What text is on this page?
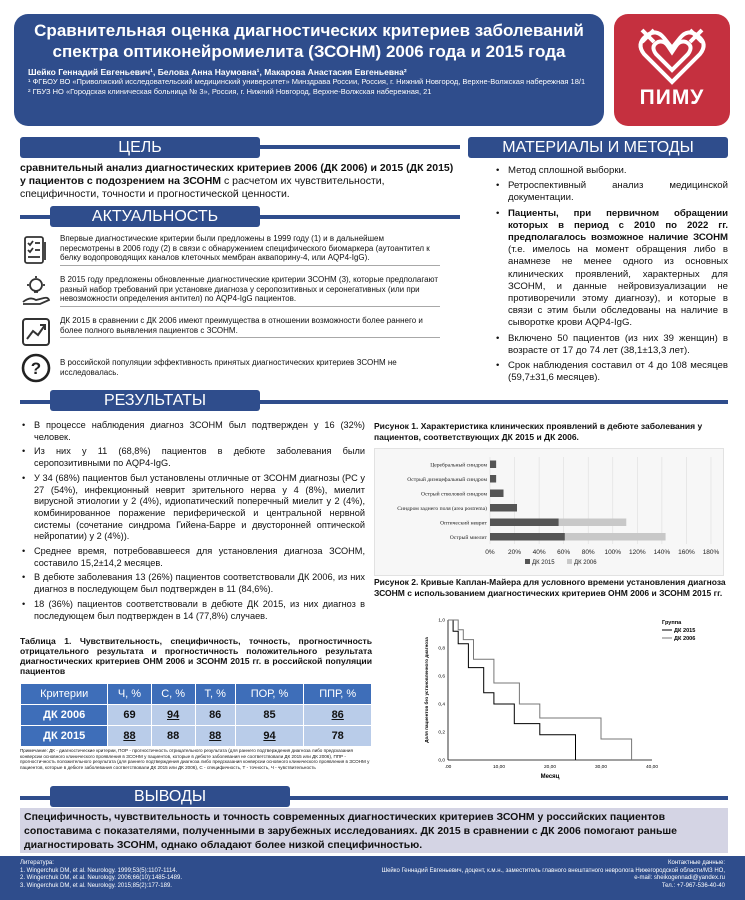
Сравнительная оценка диагностических критериев заболеваний спектра оптиконейромиелита (ЗСОНМ) 2006 года и 2015 года
Шейко Геннадий Евгеньевич¹, Белова Анна Наумовна¹, Макарова Анастасия Евгеньевна²
¹ ФГБОУ ВО «Приволжский исследовательский медицинский университет» Минздрава России, Россия, г. Нижний Новгород, Верхне-Волжская набережная 18/1
² ГБУЗ НО «Городская клиническая больница № 3», Россия, г. Нижний Новгород, Верхне-Волжская набережная, 21	ПИМУ
ЦЕЛЬ
сравнительный анализ диагностических критериев 2006 (ДК 2006) и 2015 (ДК 2015) у пациентов с подозрением на ЗСОНМ с расчетом их чувствительности, специфичности, точности и прогностической ценности.
МАТЕРИАЛЫ И МЕТОДЫ
• Метод сплошной выборки.
• Ретроспективный анализ медицинской документации.
• Пациенты, при первичном обращении которых в период с 2010 по 2022 гг. предполагалось возможное наличие ЗСОНМ (т.е. имелось на момент обращения либо в анамнезе не менее одного из основных клинических проявлений, характерных для ЗСОНМ, и данные нейровизуализации не противоречили этому диагнозу), и которые в связи с этим были обследованы на наличие в сыворотке крови AQP4-IgG.
• Включено 50 пациентов (из них 39 женщин) в возрасте от 17 до 74 лет (38,1±13,3 лет).
• Срок наблюдения составил от 4 до 108 месяцев (59,7±31,6 месяцев).
АКТУАЛЬНОСТЬ
Впервые диагностические критерии были предложены в 1999 году (1) и в дальнейшем пересмотрены в 2006 году (2) в связи с обнаружением специфического биомаркера (аутоантител к белку водопроводящих каналов клеточных мембран аквапорину-4, или AQP4-IgG).
В 2015 году предложены обновленные диагностические критерии ЗСОНМ (3), которые предполагают разный набор требований при установке диагноза у серопозитивных и серонегативных (или при невозможности определения антител) по AQP4-IgG пациентов.
ДК 2015 в сравнении с ДК 2006 имеют преимущества в отношении возможности более раннего и более полного выявления пациентов с ЗСОНМ.
? В российской популяции эффективность принятых диагностических критериев ЗСОНМ не исследовалась.
РЕЗУЛЬТАТЫ
• В процессе наблюдения диагноз ЗСОНМ был подтвержден у 16 (32%) человек.
• Из них у 11 (68,8%) пациентов в дебюте заболевания были серопозитивными по AQP4-IgG.
• У 34 (68%) пациентов был установлены отличные от ЗСОНМ диагнозы (РС у 27 (54%), инфекционный неврит зрительного нерва у 4 (8%), миелит вирусной этиологии у 2 (4%), идиопатический поперечный миелит у 2 (4%), комбинированное поражение периферической и центральной нервной системы (сочетание синдрома Гийена-Барре и двусторонней оптической нейропатии) у 2 (4%)).
• Среднее время, потребовавшееся для установления диагноза ЗСОНМ, составило 15,2±14,2 месяцев.
• В дебюте заболевания 13 (26%) пациентов соответствовали ДК 2006, из них диагноз в последующем был подтвержден в 11 (84,6%).
• 18 (36%) пациентов соответствовали в дебюте ДК 2015, из них диагноз в последующем был подтвержден в 14 (77,8%) случаев.
Рисунок 1. Характеристика клинических проявлений в дебюте заболевания у пациентов, соответствующих ДК 2015 и ДК 2006.
0% 20% 40% 60% 80% 100% 120% 140% 160% 180%
Церебральный синдром
Острый диэнцефальный синдром
Острый стволовой синдром
Синдром заднего поля (area postrema)
Оптический неврит
Острый миелит
ДК 2015	ДК 2006
Рисунок 2. Кривые Каплан-Майера для условного времени установления диагноза ЗСОНМ с использованием диагностических критериев ОНМ 2006 и ЗСОНМ 2015 гг.
.00	10,00	20,00	30,00	40,00
0,0
0,2
0,4
0,6
0,8
1,0
Месяц
Доля пациентов без установленного диагноза
Группа
ДК 2015
ДК 2006
Таблица 1. Чувствительность, специфичность, точность, прогностичность отрицательного результата и прогностичность положительного результата диагностических критериев ОНМ 2006 и ЗСОНМ 2015 гг. в российской популяции пациентов
Критерии	Ч, %	С, %	Т, %	ПОР, %	ППР, %
ДК 2006	69	94	86	85	86
ДК 2015	88	88	88	94	78
Примечание: ДК - диагностические критерии, ПОР - прогностичность отрицательного результата (для раннего подтверждения диагноза либо предсказания конверсии основного клинического проявления в ЗСОНМ у пациентов, которые в дебюте заболевания не соответствовали ДК 2015 или ДК 2006), ППР - прогностичность положительного результата (для раннего подтверждения диагноза либо предсказания конверсии основного клинического проявления в ЗСОНМ у пациентов, которые в дебюте заболевания соответствовали ДК 2015 или ДК 2006), С - специфичность, Т - точность, Ч - чувствительность
ВЫВОДЫ
Специфичность, чувствительность и точность современных диагностических критериев ЗСОНМ у российских пациентов сопоставима с показателями, полученными в зарубежных исследованиях. ДК 2015 в сравнении с ДК 2006 помогают раньше диагностировать ЗСОНМ, однако обладают более низкой специфичностью.
Литература:
1. Wingerchuk DM, et al. Neurology. 1999;53(5):1107-1114.
2. Wingerchuk DM, et al. Neurology. 2006;66(10):1485-1489.
3. Wingerchuk DM, et al. Neurology. 2015;85(2):177-189.
Контактные данные:
Шейко Геннадий Евгеньевич, доцент, к.м.н., заместитель главного внештатного невролога Нижегородской области/МЗ НО,
e-mail: sheikogennadi@yandex.ru
Тел.: +7-967-536-40-40
